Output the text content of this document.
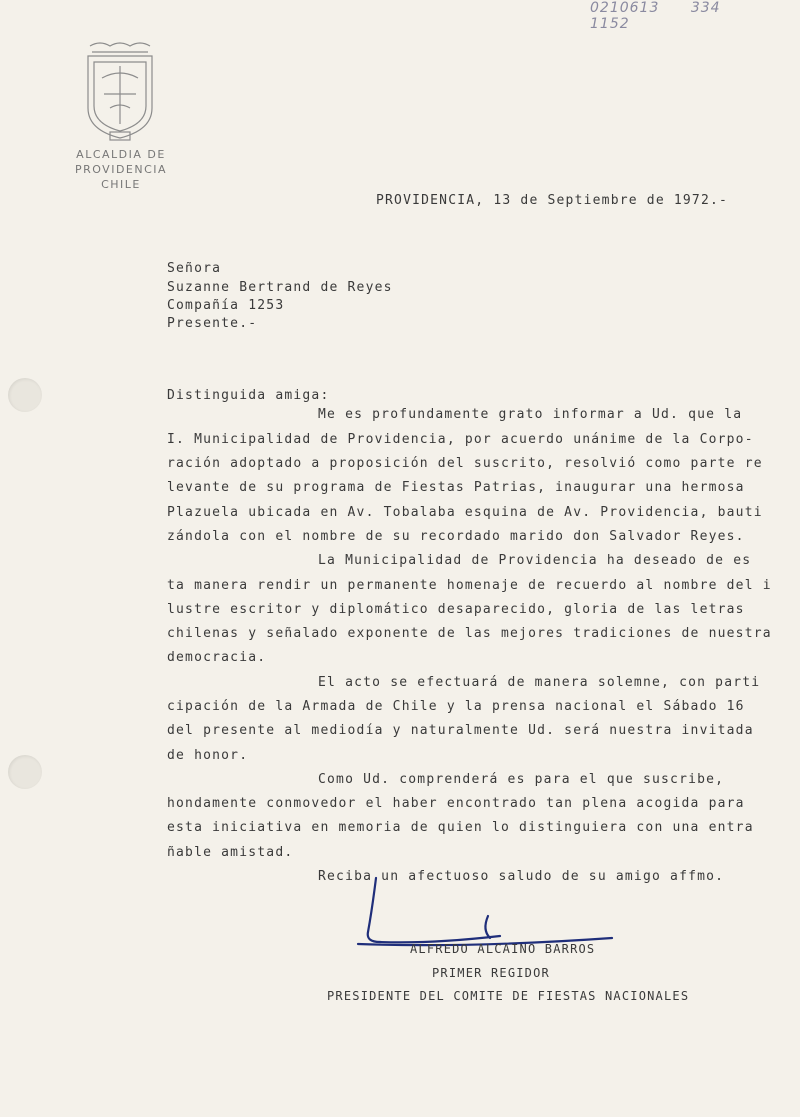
0210613 334 1152
ALCALDIA DE PROVIDENCIA
CHILE
PROVIDENCIA, 13 de Septiembre de 1972.-
Señora
Suzanne Bertrand de Reyes
Compañía 1253
Presente.-
Distinguida amiga:
Me es profundamente grato informar a Ud. que la
I. Municipalidad de Providencia, por acuerdo unánime de la Corpo-
ración adoptado a proposición del suscrito, resolvió como parte re
levante de su programa de Fiestas Patrias, inaugurar una hermosa
Plazuela ubicada en Av. Tobalaba esquina de Av. Providencia, bauti
zándola con el nombre de su recordado marido don Salvador Reyes.
La Municipalidad de Providencia ha deseado de es
ta manera rendir un permanente homenaje de recuerdo al nombre del i
lustre escritor y diplomático desaparecido, gloria de las letras
chilenas y señalado exponente de las mejores tradiciones de nuestra
democracia.
El acto se efectuará de manera solemne, con parti
cipación de la Armada de Chile y la prensa nacional el Sábado 16
del presente al mediodía y naturalmente Ud. será nuestra invitada
de honor.
Como Ud. comprenderá es para el que suscribe,
hondamente conmovedor el haber encontrado tan plena acogida para
esta iniciativa en memoria de quien lo distinguiera con una entra
ñable amistad.
Reciba un afectuoso saludo de su amigo affmo.
ALFREDO ALCAINO BARROS
PRIMER REGIDOR
PRESIDENTE DEL COMITE DE FIESTAS NACIONALES
